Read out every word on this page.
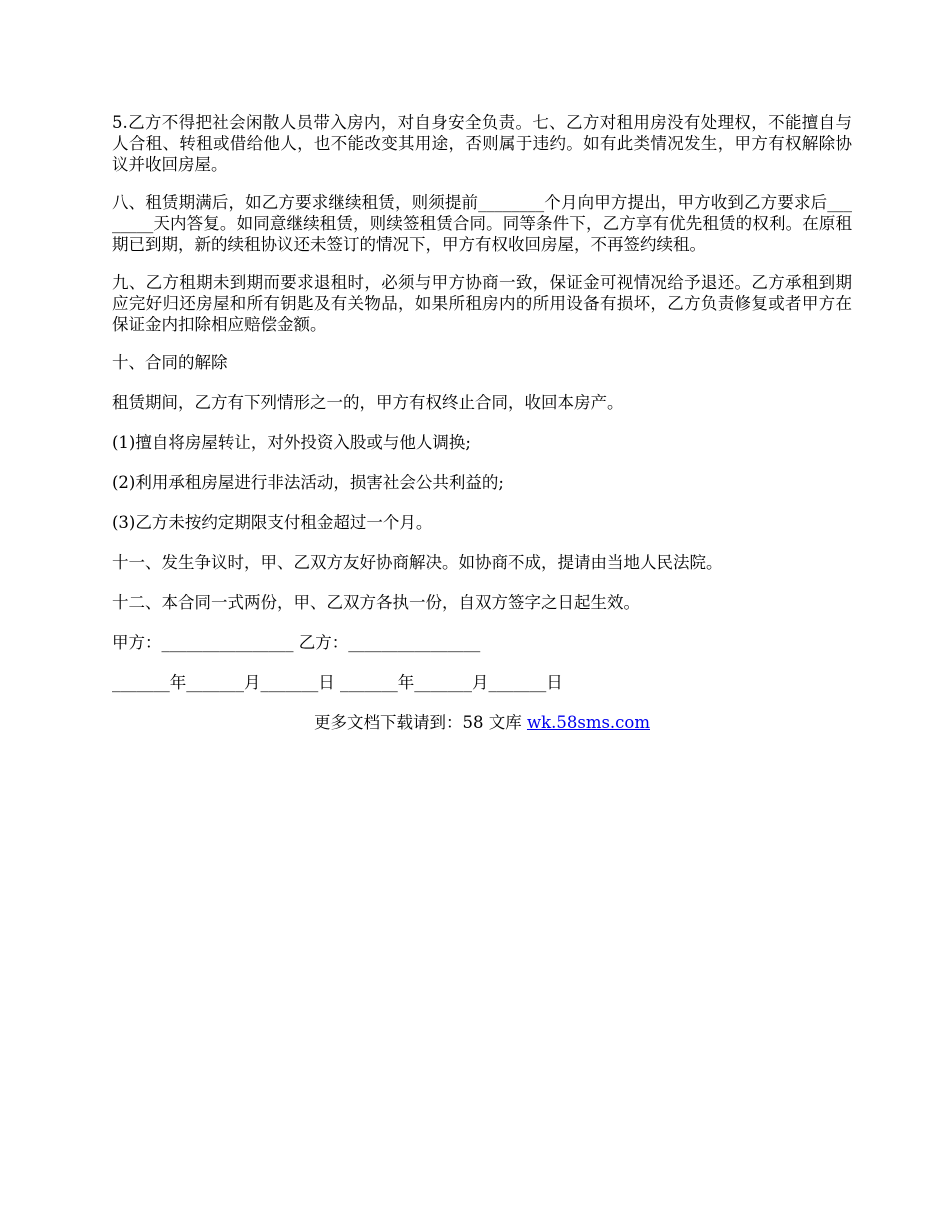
5.乙方不得把社会闲散人员带入房内，对自身安全负责。七、乙方对租用房没有处理权，不能擅自与人合租、转租或借给他人，也不能改变其用途，否则属于违约。如有此类情况发生，甲方有权解除协议并收回房屋。

八、租赁期满后，如乙方要求继续租赁，则须提前________个月向甲方提出，甲方收到乙方要求后________天内答复。如同意继续租赁，则续签租赁合同。同等条件下，乙方享有优先租赁的权利。在原租期已到期，新的续租协议还未签订的情况下，甲方有权收回房屋，不再签约续租。

九、乙方租期未到期而要求退租时，必须与甲方协商一致，保证金可视情况给予退还。乙方承租到期应完好归还房屋和所有钥匙及有关物品，如果所租房内的所用设备有损坏，乙方负责修复或者甲方在保证金内扣除相应赔偿金额。

十、合同的解除

租赁期间，乙方有下列情形之一的，甲方有权终止合同，收回本房产。

(1)擅自将房屋转让，对外投资入股或与他人调换;

(2)利用承租房屋进行非法活动，损害社会公共利益的;

(3)乙方未按约定期限支付租金超过一个月。

十一、发生争议时，甲、乙双方友好协商解决。如协商不成，提请由当地人民法院。

十二、本合同一式两份，甲、乙双方各执一份，自双方签字之日起生效。

甲方：________________ 乙方：________________

_______年_______月_______日 _______年_______月_______日

更多文档下载请到：58 文库 wk.58sms.com
